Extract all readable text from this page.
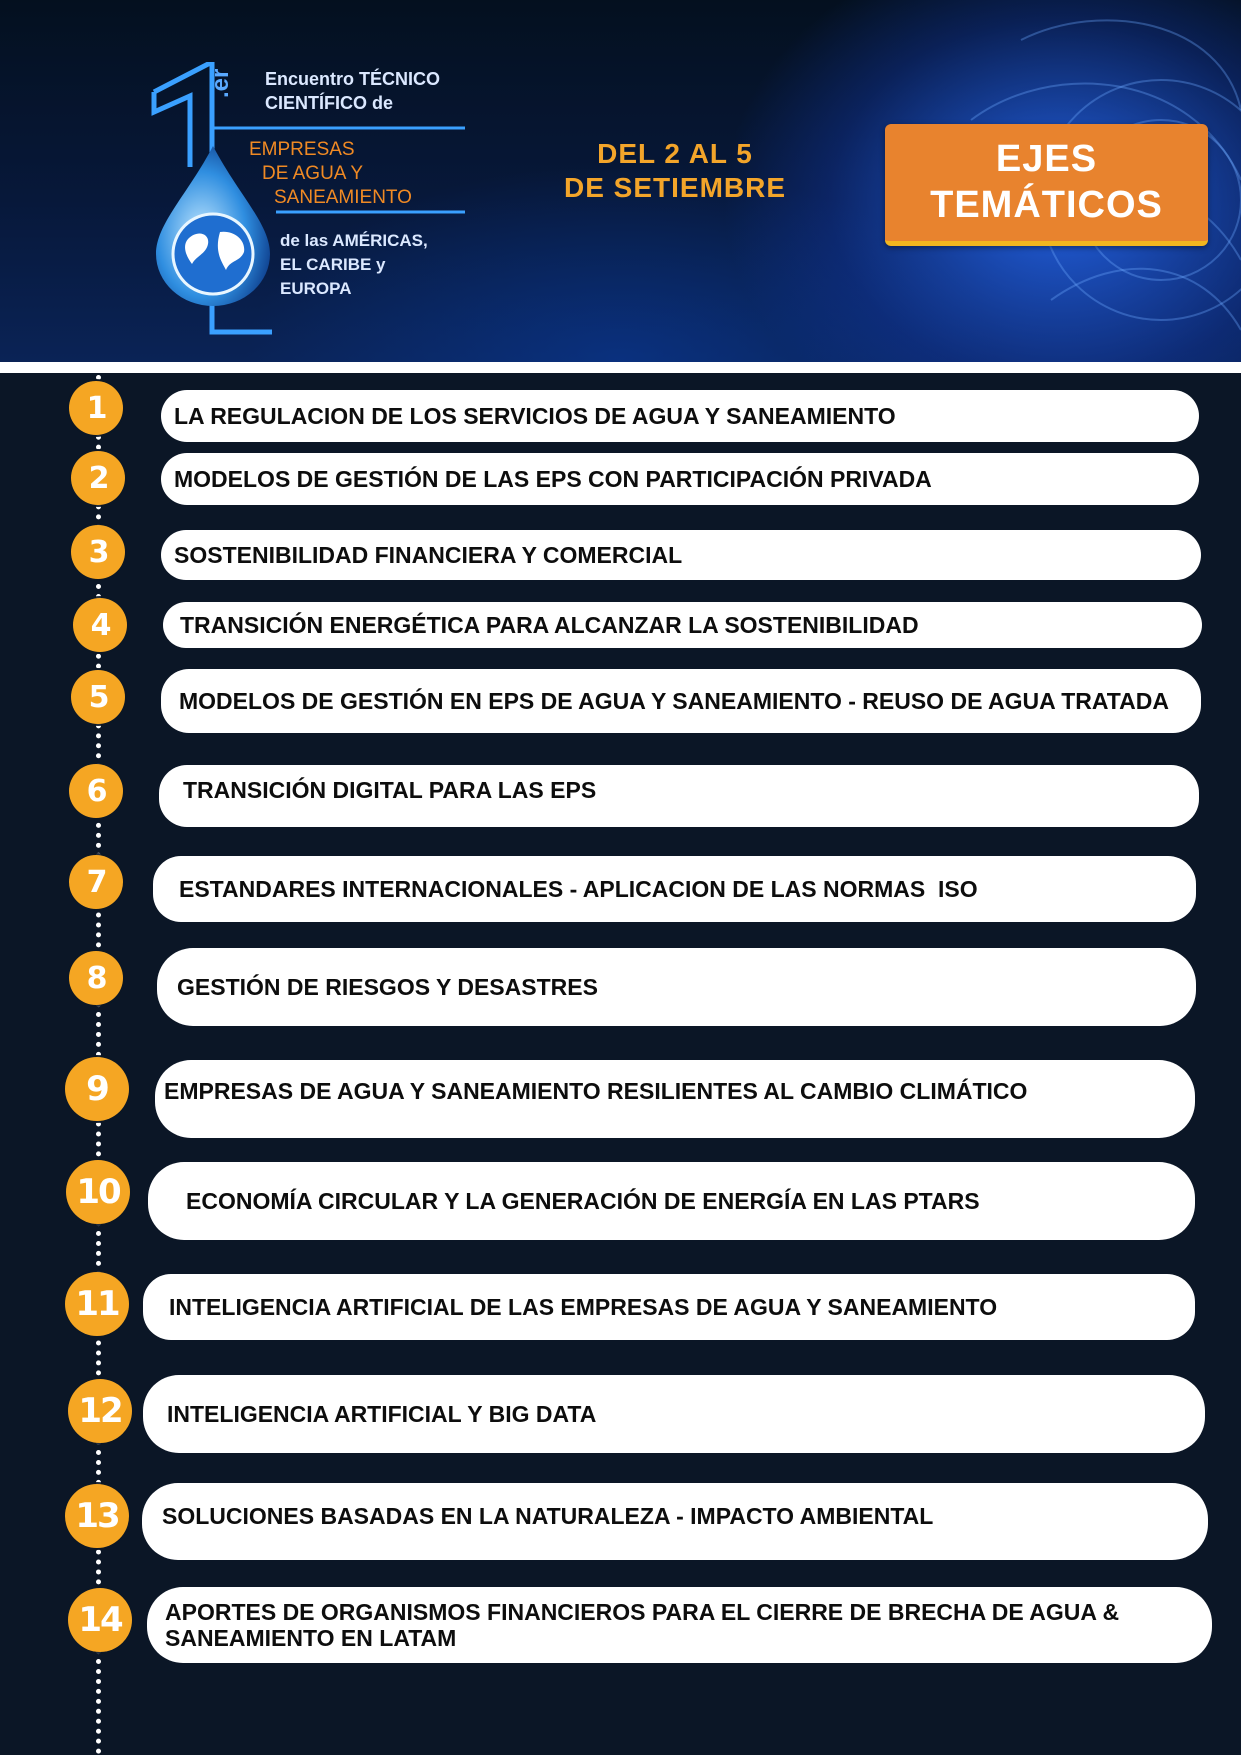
.er Encuentro TÉCNICO
CIENTÍFICO de
EMPRESAS
DE AGUA Y
SANEAMIENTO
de las AMÉRICAS,
EL CARIBE y
EUROPA
DEL 2 AL 5
DE SETIEMBRE
EJES
TEMÁTICOS
1	LA REGULACION DE LOS SERVICIOS DE AGUA Y SANEAMIENTO
2	MODELOS DE GESTIÓN DE LAS EPS CON PARTICIPACIÓN PRIVADA
3	SOSTENIBILIDAD FINANCIERA Y COMERCIAL
4	TRANSICIÓN ENERGÉTICA PARA ALCANZAR LA SOSTENIBILIDAD
5	MODELOS DE GESTIÓN EN EPS DE AGUA Y SANEAMIENTO - REUSO DE AGUA TRATADA
6	TRANSICIÓN DIGITAL PARA LAS EPS
7	ESTANDARES INTERNACIONALES - APLICACION DE LAS NORMAS  ISO
8	GESTIÓN DE RIESGOS Y DESASTRES
9	EMPRESAS DE AGUA Y SANEAMIENTO RESILIENTES AL CAMBIO CLIMÁTICO
10	ECONOMÍA CIRCULAR Y LA GENERACIÓN DE ENERGÍA EN LAS PTARS
11	INTELIGENCIA ARTIFICIAL DE LAS EMPRESAS DE AGUA Y SANEAMIENTO
12	INTELIGENCIA ARTIFICIAL Y BIG DATA
13	SOLUCIONES BASADAS EN LA NATURALEZA - IMPACTO AMBIENTAL
14	APORTES DE ORGANISMOS FINANCIEROS PARA EL CIERRE DE BRECHA DE AGUA & SANEAMIENTO EN LATAM
